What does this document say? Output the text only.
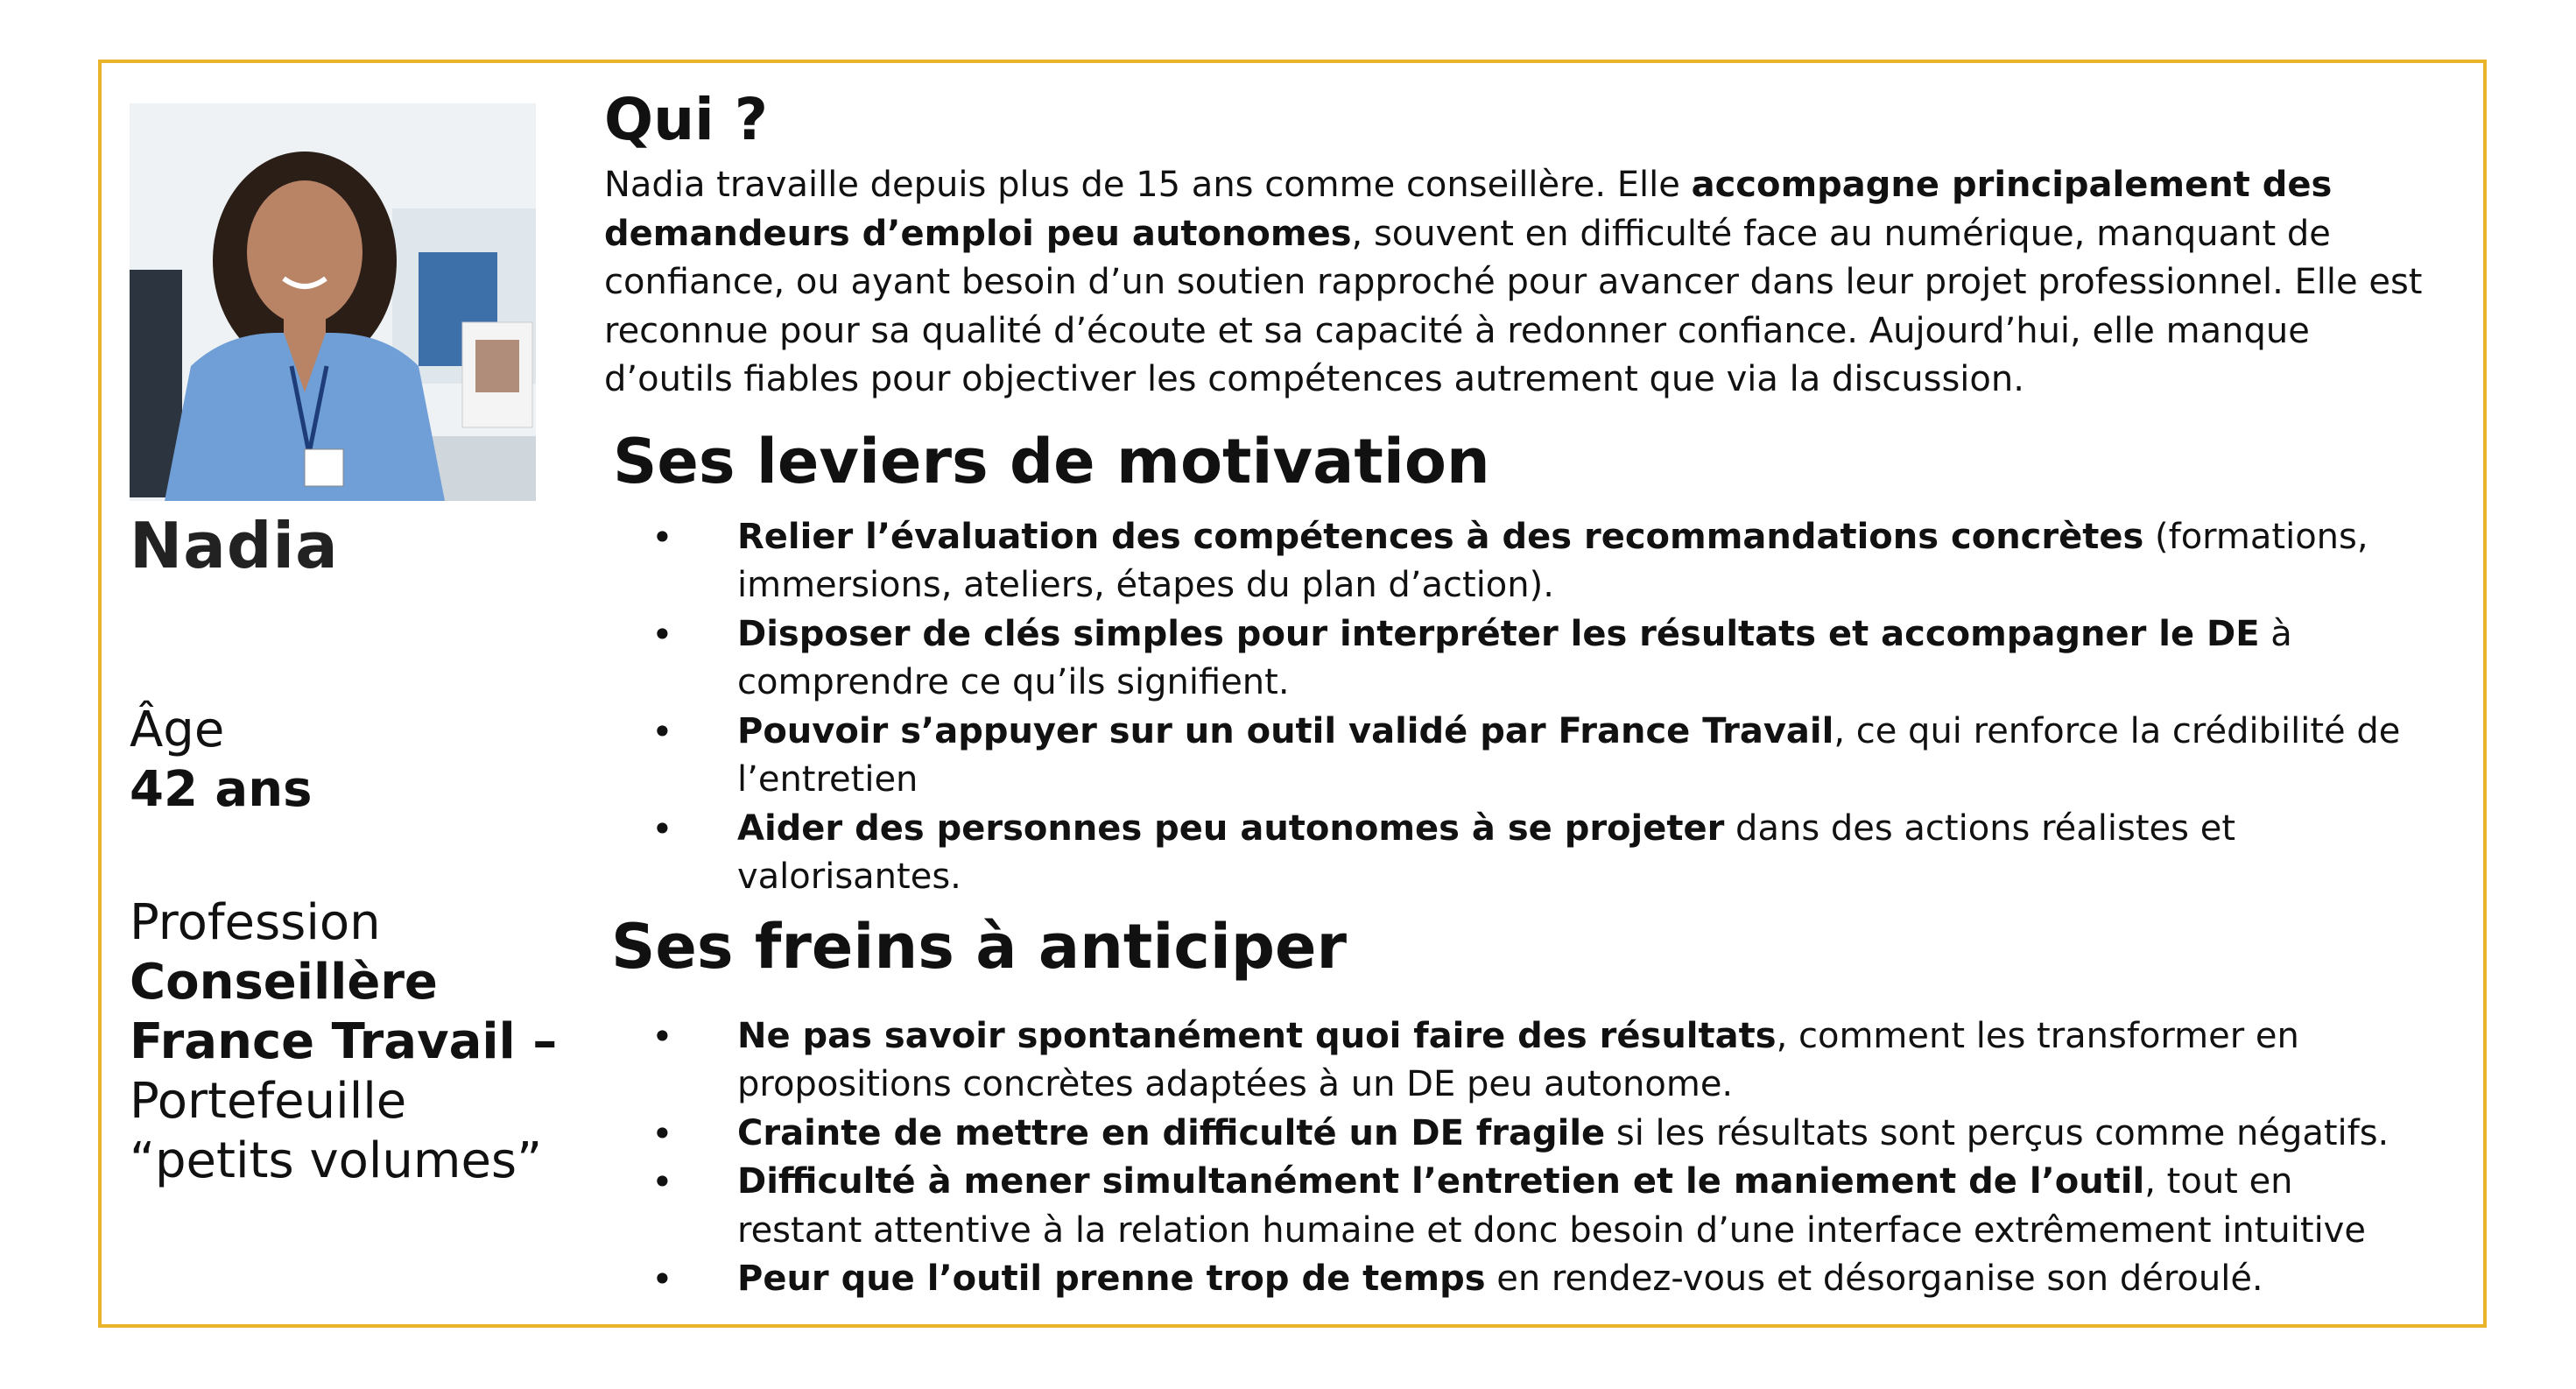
Nadia

Âge

42 ans

Profession

Conseillère

France Travail –

Portefeuille

“petits volumes”

Qui ?

Nadia travaille depuis plus de 15 ans comme conseillère. Elle accompagne principalement des demandeurs d’emploi peu autonomes, souvent en difficulté face au numérique, manquant de confiance, ou ayant besoin d’un soutien rapproché pour avancer dans leur projet professionnel. Elle est reconnue pour sa qualité d’écoute et sa capacité à redonner confiance. Aujourd’hui, elle manque d’outils fiables pour objectiver les compétences autrement que via la discussion.

Ses leviers de motivation
• Relier l’évaluation des compétences à des recommandations concrètes (formations, immersions, ateliers, étapes du plan d’action).
• Disposer de clés simples pour interpréter les résultats et accompagner le DE à comprendre ce qu’ils signifient.
• Pouvoir s’appuyer sur un outil validé par France Travail, ce qui renforce la crédibilité de l’entretien
• Aider des personnes peu autonomes à se projeter dans des actions réalistes et valorisantes.
Ses freins à anticiper
• Ne pas savoir spontanément quoi faire des résultats, comment les transformer en propositions concrètes adaptées à un DE peu autonome.
• Crainte de mettre en difficulté un DE fragile si les résultats sont perçus comme négatifs.
• Difficulté à mener simultanément l’entretien et le maniement de l’outil, tout en restant attentive à la relation humaine et donc besoin d’une interface extrêmement intuitive
• Peur que l’outil prenne trop de temps en rendez-vous et désorganise son déroulé.
